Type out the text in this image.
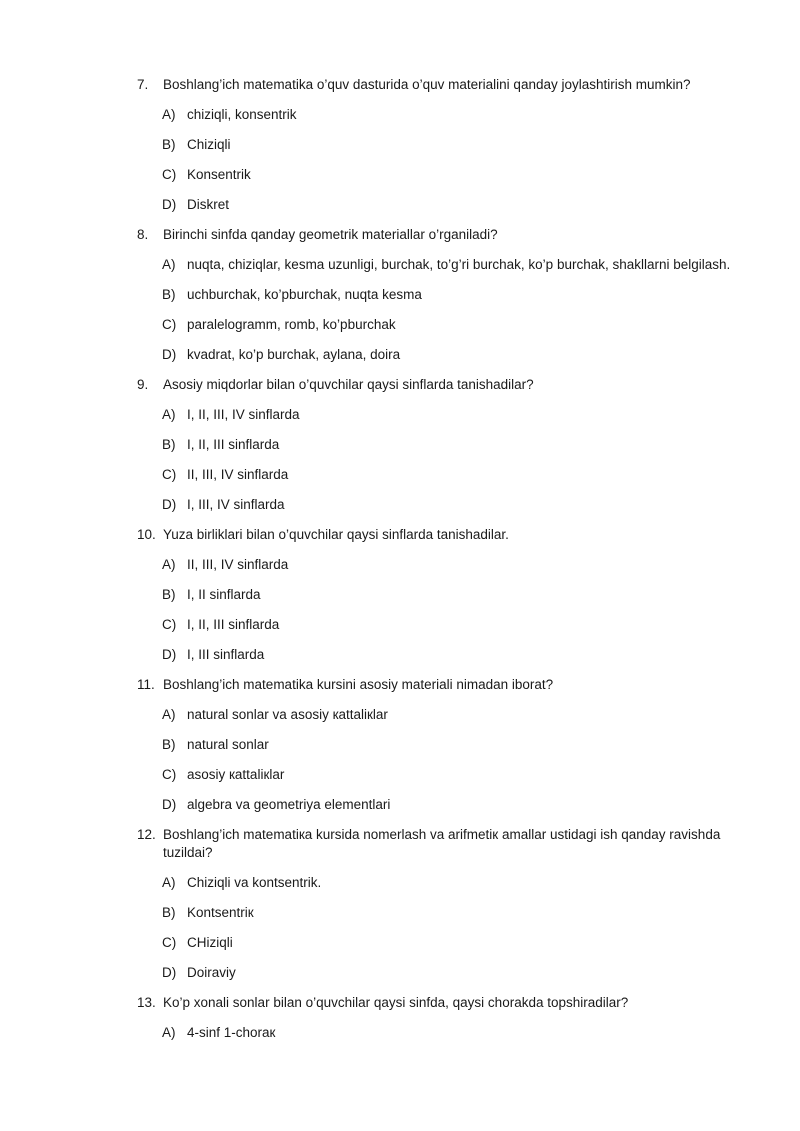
7.	Boshlang’ich matematika o’quv dasturida o’quv materialini qanday joylashtirish mumkin?
A) chiziqli, konsentrik
B) Chiziqli
C) Konsentrik
D) Diskret
8.	Birinchi sinfda qanday geometrik materiallar o’rganiladi?
A) nuqta, chiziqlar, kesma uzunligi, burchak, to’g’ri burchak, ko’p burchak, shakllarni belgilash.
B) uchburchak, ko’pburchak, nuqta kesma
C) paralelogramm, romb, ko’pburchak
D) kvadrat, ko’p burchak, aylana, doira
9.	Asosiy miqdorlar bilan o’quvchilar qaysi sinflarda tanishadilar?
A) I, II, III, IV sinflarda
B) I, II, III sinflarda
C) II, III, IV sinflarda
D) I, III, IV sinflarda
10. Yuza birliklari bilan o’quvchilar qaysi sinflarda tanishadilar.
A) II, III, IV sinflarda
B) I, II sinflarda
C) I, II, III sinflarda
D) I, III sinflarda
11. Boshlang’ich matematika kursini asosiy materiali nimadan iborat?
A) natural sonlar va asosiy кattaliкlar
B) natural sonlar
C) asosiy кattaliкlar
D) algebra va geometriya elementlari
12. Boshlang’ich matematiкa kursida nomerlash va arifmetiк amallar ustidagi ish qanday ravishda tuzildai?
A) Chiziqli va kontsentrik.
B) Kontsentriк
C) CHiziqli
D) Doiraviy
13. Ko’p xonali sonlar bilan o’quvchilar qaysi sinfda, qaysi chorakda topshiradilar?
A) 4-sinf 1-choraк
